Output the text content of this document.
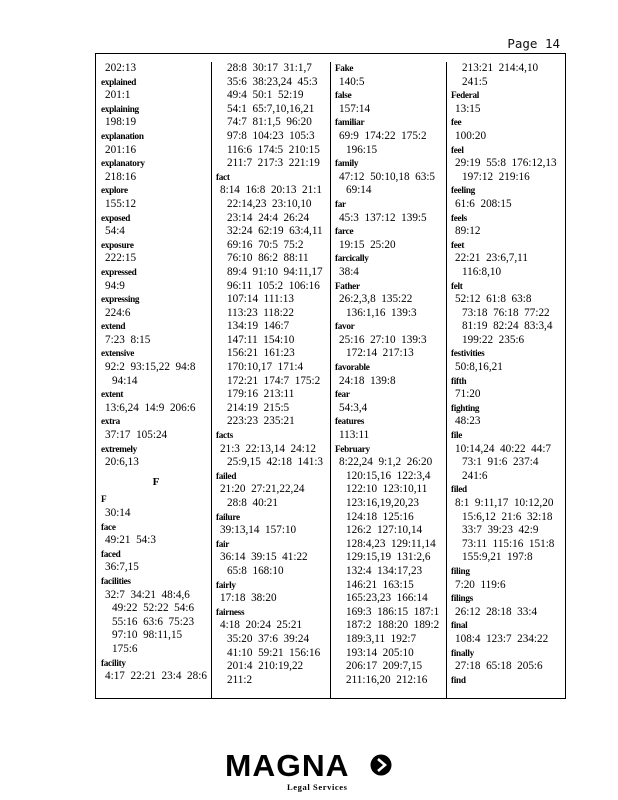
Page 14
202:13
explained
201:1
explaining
198:19
explanation
201:16
explanatory
218:16
explore
155:12
exposed
54:4
exposure
222:15
expressed
94:9
expressing
224:6
extend
7:23  8:15
extensive
92:2  93:15,22  94:8
94:14
extent
13:6,24  14:9  206:6
extra
37:17  105:24
extremely
20:6,13
F
F
30:14
face
49:21  54:3
faced
36:7,15
facilities
32:7  34:21  48:4,6
49:22  52:22  54:6
55:16  63:6  75:23
97:10  98:11,15
175:6
facility
4:17  22:21  23:4  28:6
28:8  30:17  31:1,7
35:6  38:23,24  45:3
49:4  50:1  52:19
54:1  65:7,10,16,21
74:7  81:1,5  96:20
97:8  104:23  105:3
116:6  174:5  210:15
211:7  217:3  221:19
fact
8:14  16:8  20:13  21:1
22:14,23  23:10,10
23:14  24:4  26:24
32:24  62:19  63:4,11
69:16  70:5  75:2
76:10  86:2  88:11
89:4  91:10  94:11,17
96:11  105:2  106:16
107:14  111:13
113:23  118:22
134:19  146:7
147:11  154:10
156:21  161:23
170:10,17  171:4
172:21  174:7  175:2
179:16  213:11
214:19  215:5
223:23  235:21
facts
21:3  22:13,14  24:12
25:9,15  42:18  141:3
failed
21:20  27:21,22,24
28:8  40:21
failure
39:13,14  157:10
fair
36:14  39:15  41:22
65:8  168:10
fairly
17:18  38:20
fairness
4:18  20:24  25:21
35:20  37:6  39:24
41:10  59:21  156:16
201:4  210:19,22
211:2
Fake
140:5
false
157:14
familiar
69:9  174:22  175:2
196:15
family
47:12  50:10,18  63:5
69:14
far
45:3  137:12  139:5
farce
19:15  25:20
farcically
38:4
Father
26:2,3,8  135:22
136:1,16  139:3
favor
25:16  27:10  139:3
172:14  217:13
favorable
24:18  139:8
fear
54:3,4
features
113:11
February
8:22,24  9:1,2  26:20
120:15,16  122:3,4
122:10  123:10,11
123:16,19,20,23
124:18  125:16
126:2  127:10,14
128:4,23  129:11,14
129:15,19  131:2,6
132:4  134:17,23
146:21  163:15
165:23,23  166:14
169:3  186:15  187:1
187:2  188:20  189:2
189:3,11  192:7
193:14  205:10
206:17  209:7,15
211:16,20  212:16
213:21  214:4,10
241:5
Federal
13:15
fee
100:20
feel
29:19  55:8  176:12,13
197:12  219:16
feeling
61:6  208:15
feels
89:12
feet
22:21  23:6,7,11
116:8,10
felt
52:12  61:8  63:8
73:18  76:18  77:22
81:19  82:24  83:3,4
199:22  235:6
festivities
50:8,16,21
fifth
71:20
fighting
48:23
file
10:14,24  40:22  44:7
73:1  91:6  237:4
241:6
filed
8:1  9:11,17  10:12,20
15:6,12  21:6  32:18
33:7  39:23  42:9
73:11  115:16  151:8
155:9,21  197:8
filing
7:20  119:6
filings
26:12  28:18  33:4
final
108:4  123:7  234:22
finally
27:18  65:18  205:6
find
MAGNA
Legal Services
